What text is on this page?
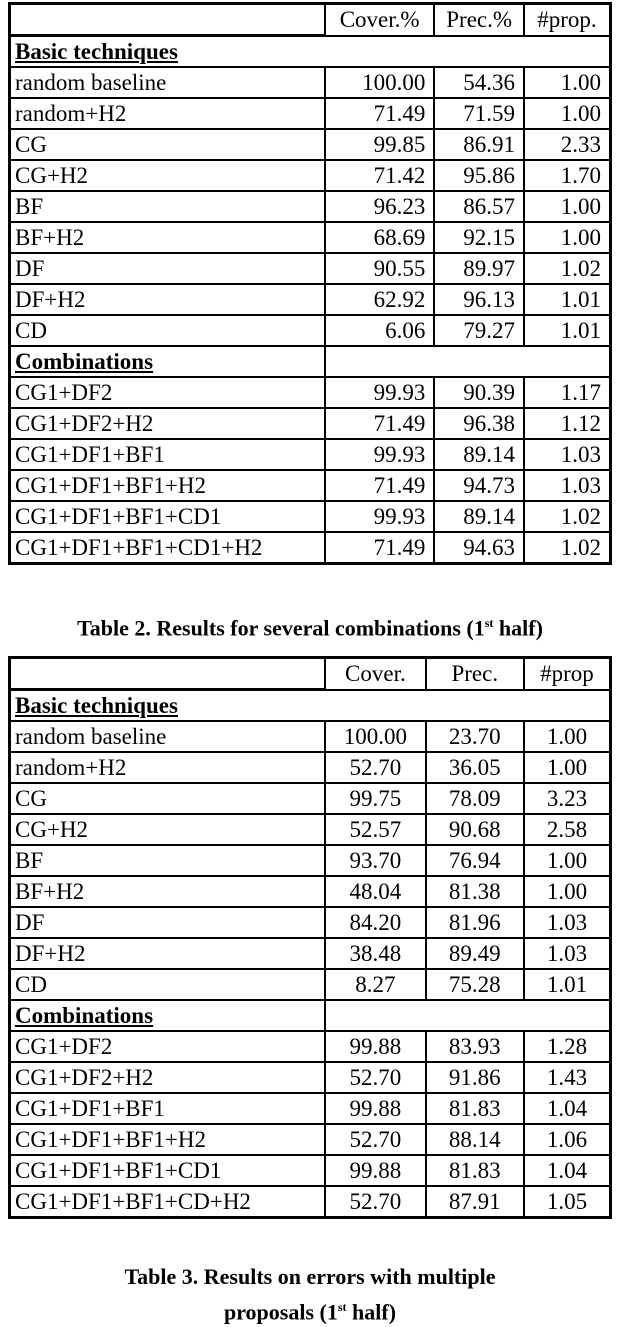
	Cover.%	Prec.%	#prop.
Basic techniques			
random baseline	100.00	54.36	1.00
random+H2	71.49	71.59	1.00
CG	99.85	86.91	2.33
CG+H2	71.42	95.86	1.70
BF	96.23	86.57	1.00
BF+H2	68.69	92.15	1.00
DF	90.55	89.97	1.02
DF+H2	62.92	96.13	1.01
CD	6.06	79.27	1.01
Combinations			
CG1+DF2	99.93	90.39	1.17
CG1+DF2+H2	71.49	96.38	1.12
CG1+DF1+BF1	99.93	89.14	1.03
CG1+DF1+BF1+H2	71.49	94.73	1.03
CG1+DF1+BF1+CD1	99.93	89.14	1.02
CG1+DF1+BF1+CD1+H2	71.49	94.63	1.02
Table 2. Results for several combinations (1st half)
	Cover.	Prec.	#prop
Basic techniques			
random baseline	100.00	23.70	1.00
random+H2	52.70	36.05	1.00
CG	99.75	78.09	3.23
CG+H2	52.57	90.68	2.58
BF	93.70	76.94	1.00
BF+H2	48.04	81.38	1.00
DF	84.20	81.96	1.03
DF+H2	38.48	89.49	1.03
CD	8.27	75.28	1.01
Combinations			
CG1+DF2	99.88	83.93	1.28
CG1+DF2+H2	52.70	91.86	1.43
CG1+DF1+BF1	99.88	81.83	1.04
CG1+DF1+BF1+H2	52.70	88.14	1.06
CG1+DF1+BF1+CD1	99.88	81.83	1.04
CG1+DF1+BF1+CD+H2	52.70	87.91	1.05
Table 3. Results on errors with multiple
proposals (1st half)
